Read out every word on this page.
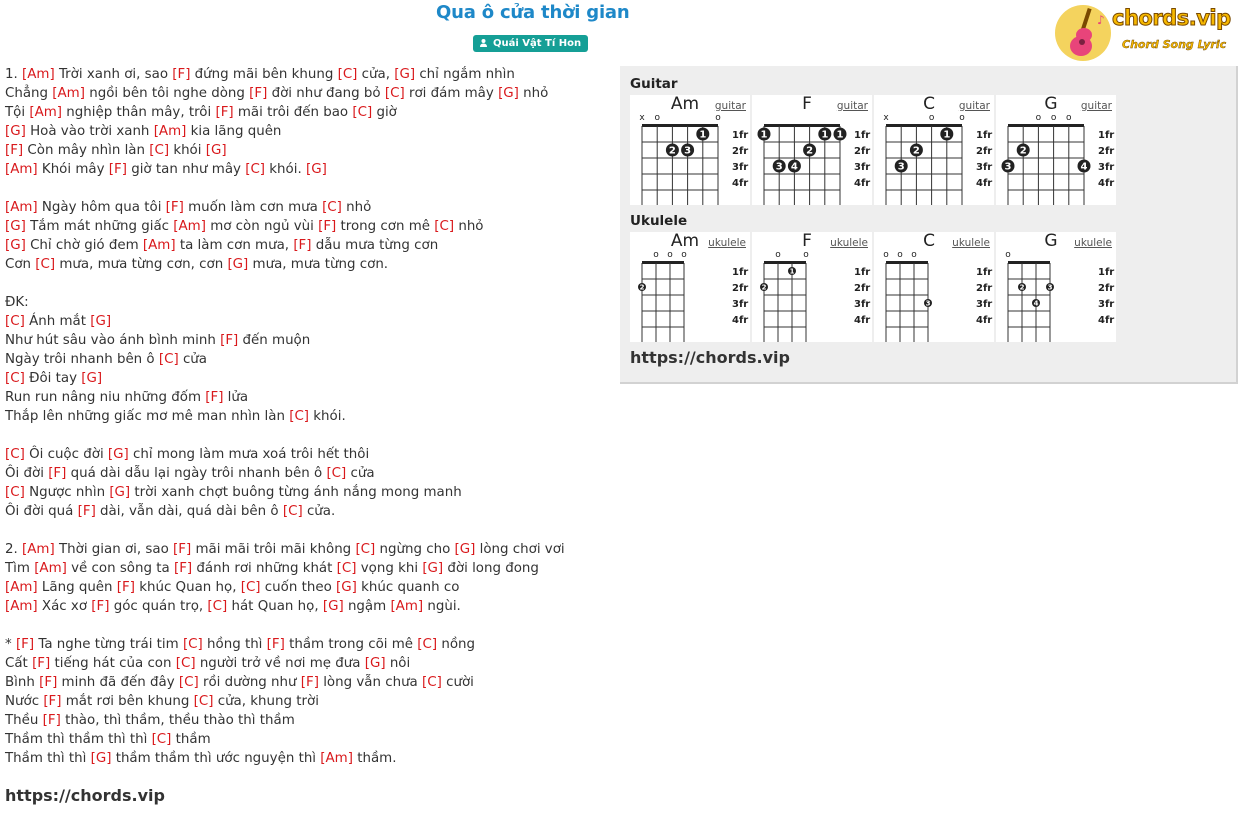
Qua ô cửa thời gian
Quái Vật Tí Hon
♪ chords.vip
Chord Song Lyric
1. [Am] Trời xanh ơi, sao [F] đứng mãi bên khung [C] cửa, [G] chỉ ngắm nhìn
Chẳng [Am] ngồi bên tôi nghe dòng [F] đời như đang bỏ [C] rơi đám mây [G] nhỏ
Tội [Am] nghiệp thân mây, trôi [F] mãi trôi đến bao [C] giờ
[G] Hoà vào trời xanh [Am] kia lãng quên
[F] Còn mây nhìn làn [C] khói [G]
[Am] Khói mây [F] giờ tan như mây [C] khói. [G]
[Am] Ngày hôm qua tôi [F] muốn làm cơn mưa [C] nhỏ
[G] Tắm mát những giấc [Am] mơ còn ngủ vùi [F] trong cơn mê [C] nhỏ
[G] Chỉ chờ gió đem [Am] ta làm cơn mưa, [F] dẫu mưa từng cơn
Cơn [C] mưa, mưa từng cơn, cơn [G] mưa, mưa từng cơn.
ĐK:
[C] Ánh mắt [G]
Như hút sâu vào ánh bình minh [F] đến muộn
Ngày trôi nhanh bên ô [C] cửa
[C] Đôi tay [G]
Run run nâng niu những đốm [F] lửa
Thắp lên những giấc mơ mê man nhìn làn [C] khói.
[C] Ôi cuộc đời [G] chỉ mong làm mưa xoá trôi hết thôi
Ôi đời [F] quá dài dẫu lại ngày trôi nhanh bên ô [C] cửa
[C] Ngược nhìn [G] trời xanh chợt buông từng ánh nắng mong manh
Ôi đời quá [F] dài, vẫn dài, quá dài bên ô [C] cửa.
2. [Am] Thời gian ơi, sao [F] mãi mãi trôi mãi không [C] ngừng cho [G] lòng chơi vơi
Tìm [Am] về con sông ta [F] đánh rơi những khát [C] vọng khi [G] đời long đong
[Am] Lãng quên [F] khúc Quan họ, [C] cuốn theo [G] khúc quanh co
[Am] Xác xơ [F] góc quán trọ, [C] hát Quan họ, [G] ngậm [Am] ngùi.
* [F] Ta nghe từng trái tim [C] hồng thì [F] thầm trong cõi mê [C] nồng
Cất [F] tiếng hát của con [C] người trở về nơi mẹ đưa [G] nôi
Bình [F] minh đã đến đây [C] rồi dường như [F] lòng vẫn chưa [C] cười
Nước [F] mắt rơi bên khung [C] cửa, khung trời
Thều [F] thào, thì thầm, thều thào thì thầm
Thầm thì thầm thì thì [C] thầm
Thầm thì thì [G] thầm thầm thì ước nguyện thì [Am] thầm.
https://chords.vip
Guitar
Am guitar
x o	o
1
2 3
1fr
2fr
3fr
4fr
F	guitar
1	1 1
2
3 4
1fr
2fr
3fr
4fr
C	guitar
x	o	o
1
2
3
1fr
2fr
3fr
4fr
G	guitar
o o o
2
3	4
1fr
2fr
3fr
4fr
Ukulele
Am ukulele
o o o
2
1fr
2fr
3fr
4fr
F	ukulele
o o
2
1	1fr
2fr
3fr
4fr
C	ukulele
o o o
3
1fr
2fr
3fr
4fr
G	ukulele
o
2	3
4
1fr
2fr
3fr
4fr
https://chords.vip
